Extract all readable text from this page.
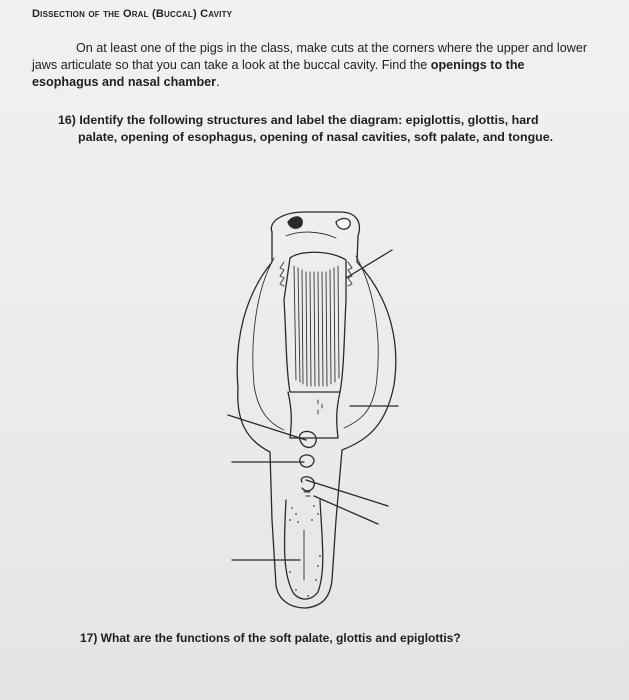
Dissection of the Oral (Buccal) Cavity
On at least one of the pigs in the class, make cuts at the corners where the upper and lower jaws articulate so that you can take a look at the buccal cavity. Find the openings to the esophagus and nasal chamber.
16) Identify the following structures and label the diagram: epiglottis, glottis, hard palate, opening of esophagus, opening of nasal cavities, soft palate, and tongue.
17) What are the functions of the soft palate, glottis and epiglottis?
